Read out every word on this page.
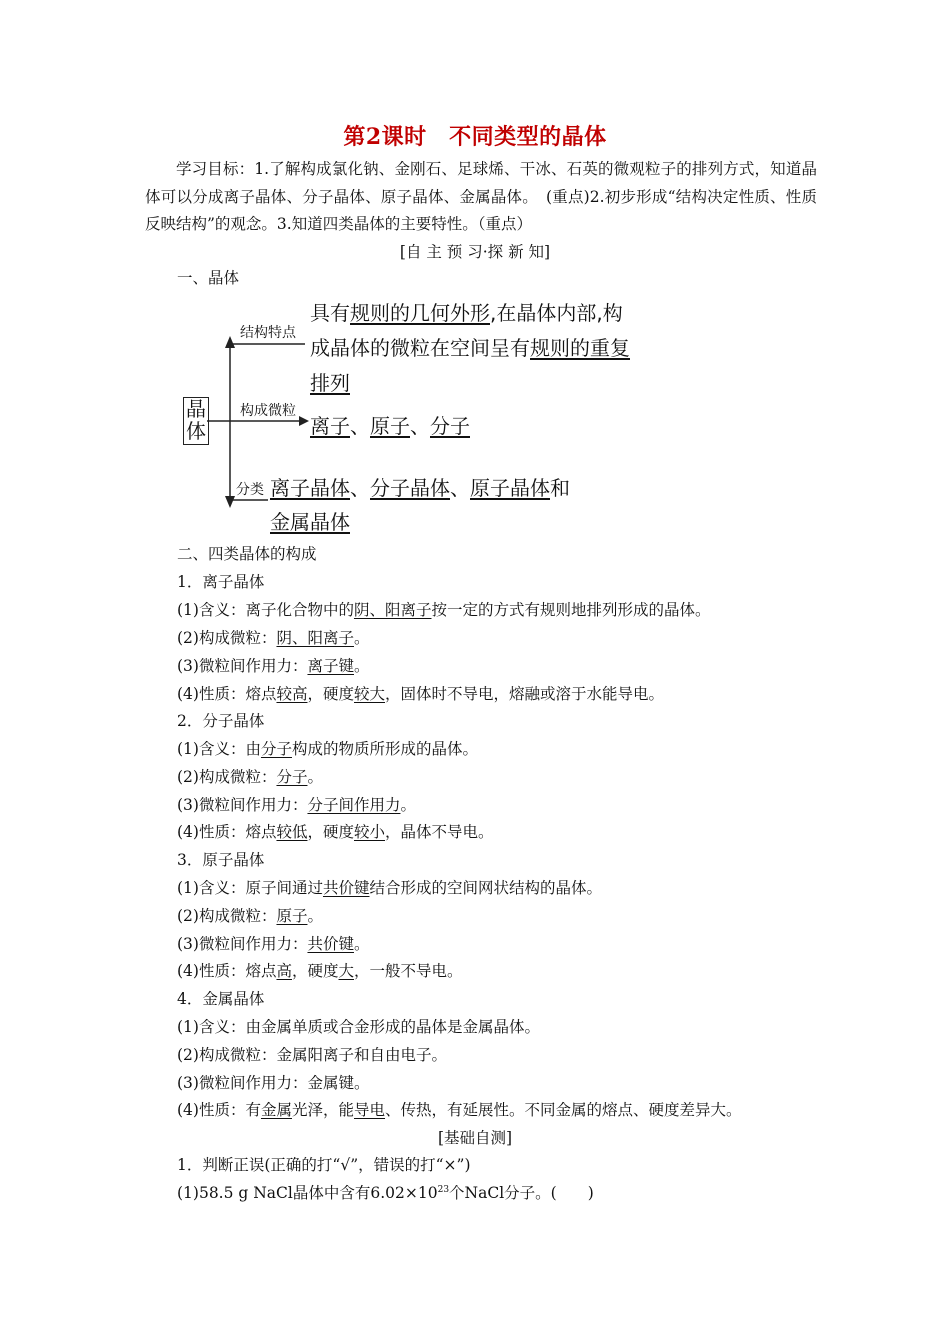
第2课时　不同类型的晶体
学习目标：1.了解构成氯化钠、金刚石、足球烯、干冰、石英的微观粒子的排列方式，知道晶体可以分成离子晶体、分子晶体、原子晶体、金属晶体。　(重点)2.初步形成“结构决定性质、性质反映结构”的观念。3.知道四类晶体的主要特性。（重点）
[自 主 预 习·探 新 知]
一、晶体
晶
体
结构特点
具有规则的几何外形,在晶体内部,构
成晶体的微粒在空间呈有规则的重复
排列
构成微粒
离子、原子、分子
分类 离子晶体、分子晶体、原子晶体和
金属晶体
二、四类晶体的构成
1．离子晶体
(1)含义：离子化合物中的阴、阳离子按一定的方式有规则地排列形成的晶体。
(2)构成微粒：阴、阳离子。
(3)微粒间作用力：离子键。
(4)性质：熔点较高，硬度较大，固体时不导电，熔融或溶于水能导电。
2．分子晶体
(1)含义：由分子构成的物质所形成的晶体。
(2)构成微粒：分子。
(3)微粒间作用力：分子间作用力。
(4)性质：熔点较低，硬度较小，晶体不导电。
3．原子晶体
(1)含义：原子间通过共价键结合形成的空间网状结构的晶体。
(2)构成微粒：原子。
(3)微粒间作用力：共价键。
(4)性质：熔点高，硬度大，一般不导电。
4．金属晶体
(1)含义：由金属单质或合金形成的晶体是金属晶体。
(2)构成微粒：金属阳离子和自由电子。
(3)微粒间作用力：金属键。
(4)性质：有金属光泽，能导电、传热，有延展性。不同金属的熔点、硬度差异大。
[基础自测]
1．判断正误(正确的打“√”，错误的打“×”)
(1)58.5 g NaCl晶体中含有$6.02\times 10^{23}$个NaCl分子。(　　)
